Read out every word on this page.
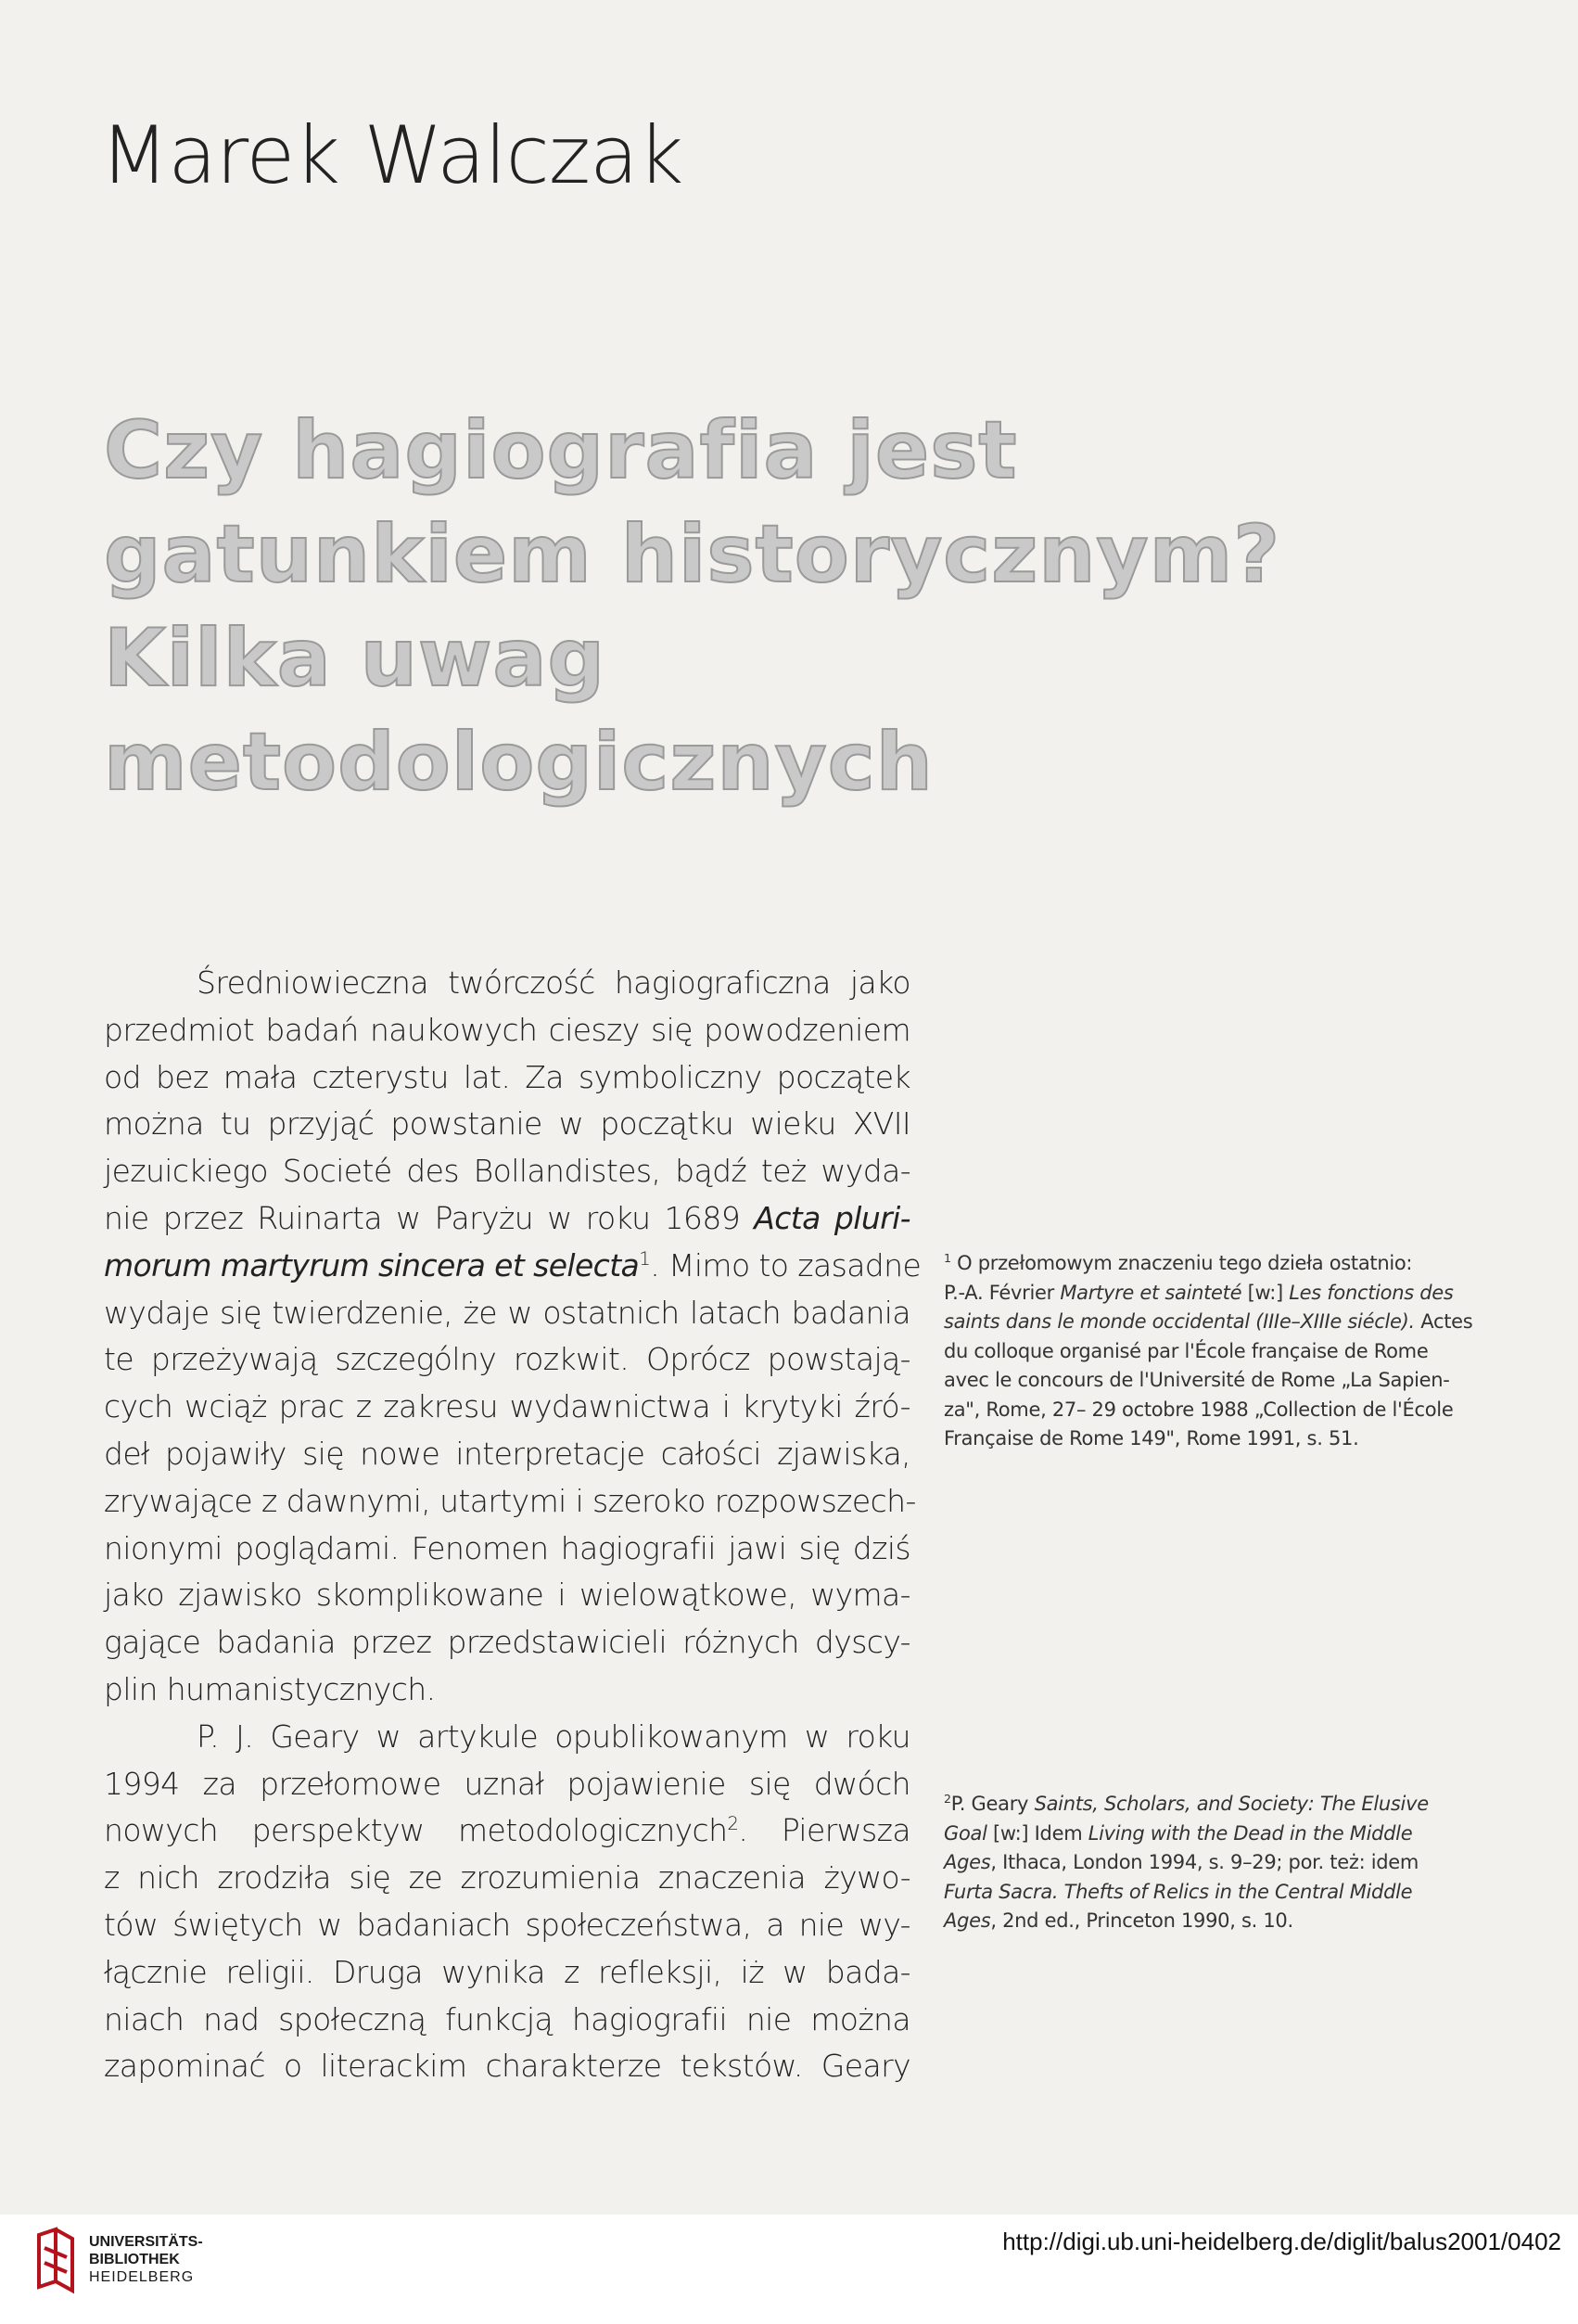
Marek Walczak
Czy hagiografia jest
gatunkiem historycznym?
Kilka uwag
metodologicznych
Średniowieczna twórczość hagiograficzna jako
przedmiot badań naukowych cieszy się powodzeniem
od bez mała czterystu lat. Za symboliczny początek
można tu przyjąć powstanie w początku wieku XVII
jezuickiego Societé des Bollandistes, bądź też wyda-
nie przez Ruinarta w Paryżu w roku 1689 Acta pluri-
morum martyrum sincera et selecta$^1$. Mimo to zasadne
wydaje się twierdzenie, że w ostatnich latach badania
te przeżywają szczególny rozkwit. Oprócz powstają-
cych wciąż prac z zakresu wydawnictwa i krytyki źró-
deł pojawiły się nowe interpretacje całości zjawiska,
zrywające z dawnymi, utartymi i szeroko rozpowszech-
nionymi poglądami. Fenomen hagiografii jawi się dziś
jako zjawisko skomplikowane i wielowątkowe, wyma-
gające badania przez przedstawicieli różnych dyscy-
plin humanistycznych.
P. J. Geary w artykule opublikowanym w roku
1994 za przełomowe uznał pojawienie się dwóch
nowych perspektyw metodologicznych$^2$. Pierwsza
z nich zrodziła się ze zrozumienia znaczenia żywo-
tów świętych w badaniach społeczeństwa, a nie wy-
łącznie religii. Druga wynika z refleksji, iż w bada-
niach nad społeczną funkcją hagiografii nie można
zapominać o literackim charakterze tekstów. Geary
$^1$ O przełomowym znaczeniu tego dzieła ostatnio:
P.-A. Février Martyre et sainteté [w:] Les fonctions des
saints dans le monde occidental (IIIe–XIIIe siécle). Actes
du colloque organisé par l'École française de Rome
avec le concours de l'Université de Rome „La Sapien-
za", Rome, 27– 29 octobre 1988 „Collection de l'École
Française de Rome 149", Rome 1991, s. 51.
$^2$P. Geary Saints, Scholars, and Society: The Elusive
Goal [w:] Idem Living with the Dead in the Middle
Ages, Ithaca, London 1994, s. 9–29; por. też: idem
Furta Sacra. Thefts of Relics in the Central Middle
Ages, 2nd ed., Princeton 1990, s. 10.
UNIVERSITÄTS-
BIBLIOTHEK
HEIDELBERG
http://digi.ub.uni-heidelberg.de/diglit/balus2001/0402
